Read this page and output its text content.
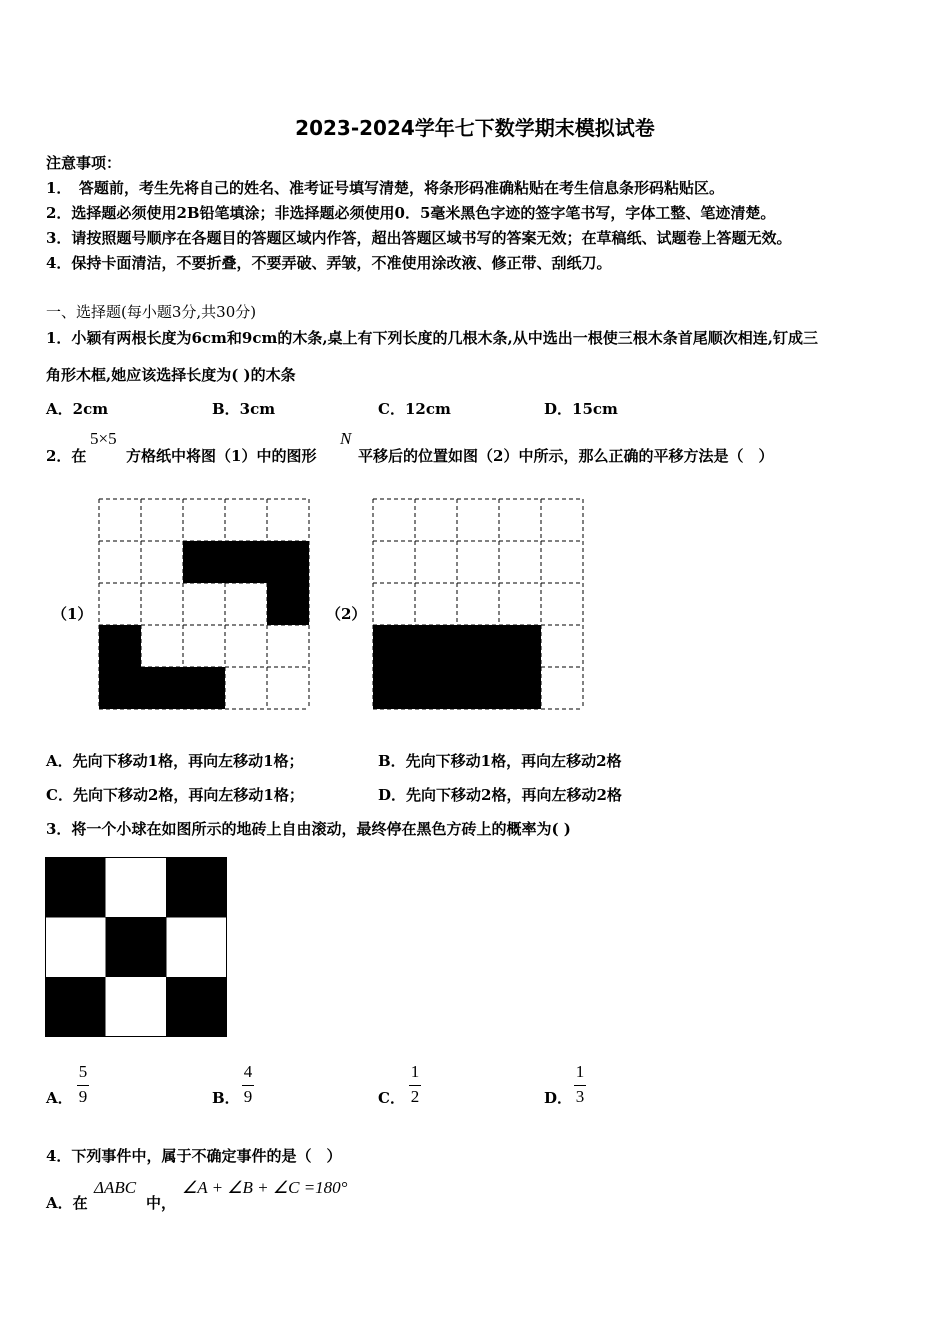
2023-2024学年七下数学期末模拟试卷
注意事项：
1．　答题前，考生先将自己的姓名、准考证号填写清楚，将条形码准确粘贴在考生信息条形码粘贴区。
2．选择题必须使用2B铅笔填涂；非选择题必须使用0．5毫米黑色字迹的签字笔书写，字体工整、笔迹清楚。
3．请按照题号顺序在各题目的答题区域内作答，超出答题区域书写的答案无效；在草稿纸、试题卷上答题无效。
4．保持卡面清洁，不要折叠，不要弄破、弄皱，不准使用涂改液、修正带、刮纸刀。
一、选择题(每小题3分,共30分)
1．小颖有两根长度为6cm和9cm的木条,桌上有下列长度的几根木条,从中选出一根使三根木条首尾顺次相连,钉成三
角形木框,她应该选择长度为( )的木条
A．2cm	B．3cm	C．12cm	D．15cm
2．在
5×5
方格纸中将图（1）中的图形
N
平移后的位置如图（2）中所示，那么正确的平移方法是（　）
（1）	（2）
A．先向下移动1格，再向左移动1格；	B．先向下移动1格，再向左移动2格
C．先向下移动2格，再向左移动1格；	D．先向下移动2格，再向左移动2格
3．将一个小球在如图所示的地砖上自由滚动，最终停在黑色方砖上的概率为( )
A．
5
9	B．
4
9	C．
1
2	D．
1
3
4．下列事件中，属于不确定事件的是（　）
A．在
ΔABC
中，
∠A + ∠B + ∠C =180°
